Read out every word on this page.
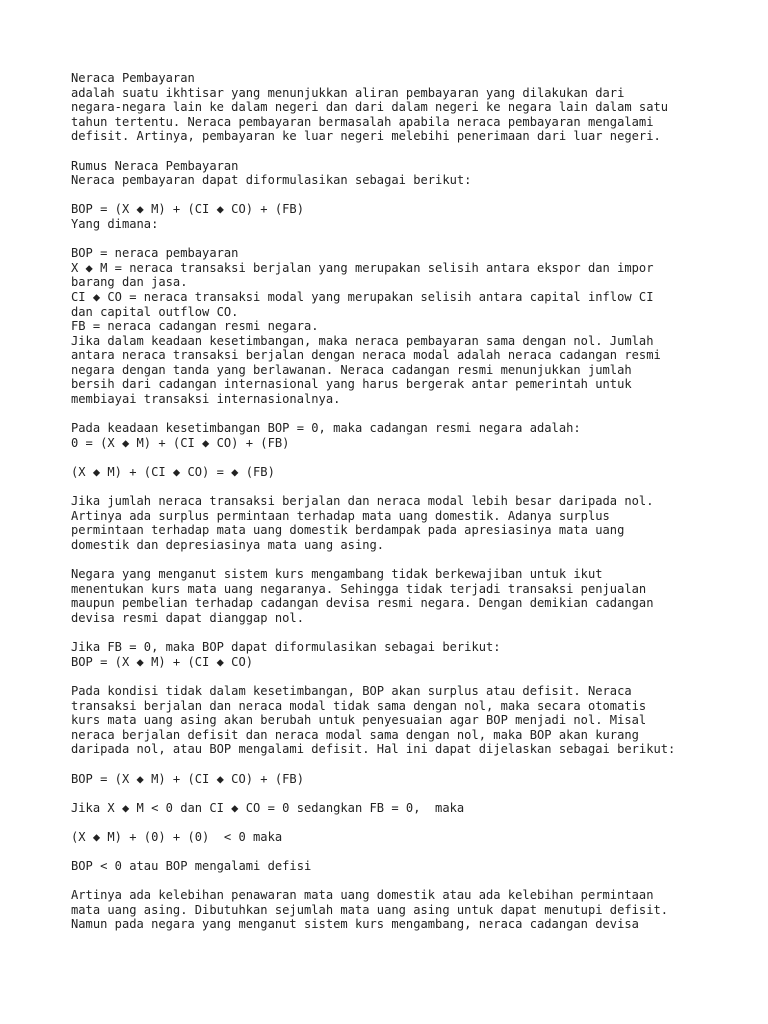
Neraca Pembayaran
adalah suatu ikhtisar yang menunjukkan aliran pembayaran yang dilakukan dari
negara-negara lain ke dalam negeri dan dari dalam negeri ke negara lain dalam satu
tahun tertentu. Neraca pembayaran bermasalah apabila neraca pembayaran mengalami
defisit. Artinya, pembayaran ke luar negeri melebihi penerimaan dari luar negeri.
Rumus Neraca Pembayaran
Neraca pembayaran dapat diformulasikan sebagai berikut:
BOP = (X ◆ M) + (CI ◆ CO) + (FB)
Yang dimana:
BOP = neraca pembayaran
X ◆ M = neraca transaksi berjalan yang merupakan selisih antara ekspor dan impor
barang dan jasa.
CI ◆ CO = neraca transaksi modal yang merupakan selisih antara capital inflow CI
dan capital outflow CO.
FB = neraca cadangan resmi negara.
Jika dalam keadaan kesetimbangan, maka neraca pembayaran sama dengan nol. Jumlah
antara neraca transaksi berjalan dengan neraca modal adalah neraca cadangan resmi
negara dengan tanda yang berlawanan. Neraca cadangan resmi menunjukkan jumlah
bersih dari cadangan internasional yang harus bergerak antar pemerintah untuk
membiayai transaksi internasionalnya.
Pada keadaan kesetimbangan BOP = 0, maka cadangan resmi negara adalah:
0 = (X ◆ M) + (CI ◆ CO) + (FB)
(X ◆ M) + (CI ◆ CO) = ◆ (FB)
Jika jumlah neraca transaksi berjalan dan neraca modal lebih besar daripada nol.
Artinya ada surplus permintaan terhadap mata uang domestik. Adanya surplus
permintaan terhadap mata uang domestik berdampak pada apresiasinya mata uang
domestik dan depresiasinya mata uang asing.
Negara yang menganut sistem kurs mengambang tidak berkewajiban untuk ikut
menentukan kurs mata uang negaranya. Sehingga tidak terjadi transaksi penjualan
maupun pembelian terhadap cadangan devisa resmi negara. Dengan demikian cadangan
devisa resmi dapat dianggap nol.
Jika FB = 0, maka BOP dapat diformulasikan sebagai berikut:
BOP = (X ◆ M) + (CI ◆ CO)
Pada kondisi tidak dalam kesetimbangan, BOP akan surplus atau defisit. Neraca
transaksi berjalan dan neraca modal tidak sama dengan nol, maka secara otomatis
kurs mata uang asing akan berubah untuk penyesuaian agar BOP menjadi nol. Misal
neraca berjalan defisit dan neraca modal sama dengan nol, maka BOP akan kurang
daripada nol, atau BOP mengalami defisit. Hal ini dapat dijelaskan sebagai berikut:
BOP = (X ◆ M) + (CI ◆ CO) + (FB)
Jika X ◆ M < 0 dan CI ◆ CO = 0 sedangkan FB = 0,  maka
(X ◆ M) + (0) + (0)  < 0 maka
BOP < 0 atau BOP mengalami defisi
Artinya ada kelebihan penawaran mata uang domestik atau ada kelebihan permintaan
mata uang asing. Dibutuhkan sejumlah mata uang asing untuk dapat menutupi defisit.
Namun pada negara yang menganut sistem kurs mengambang, neraca cadangan devisa
